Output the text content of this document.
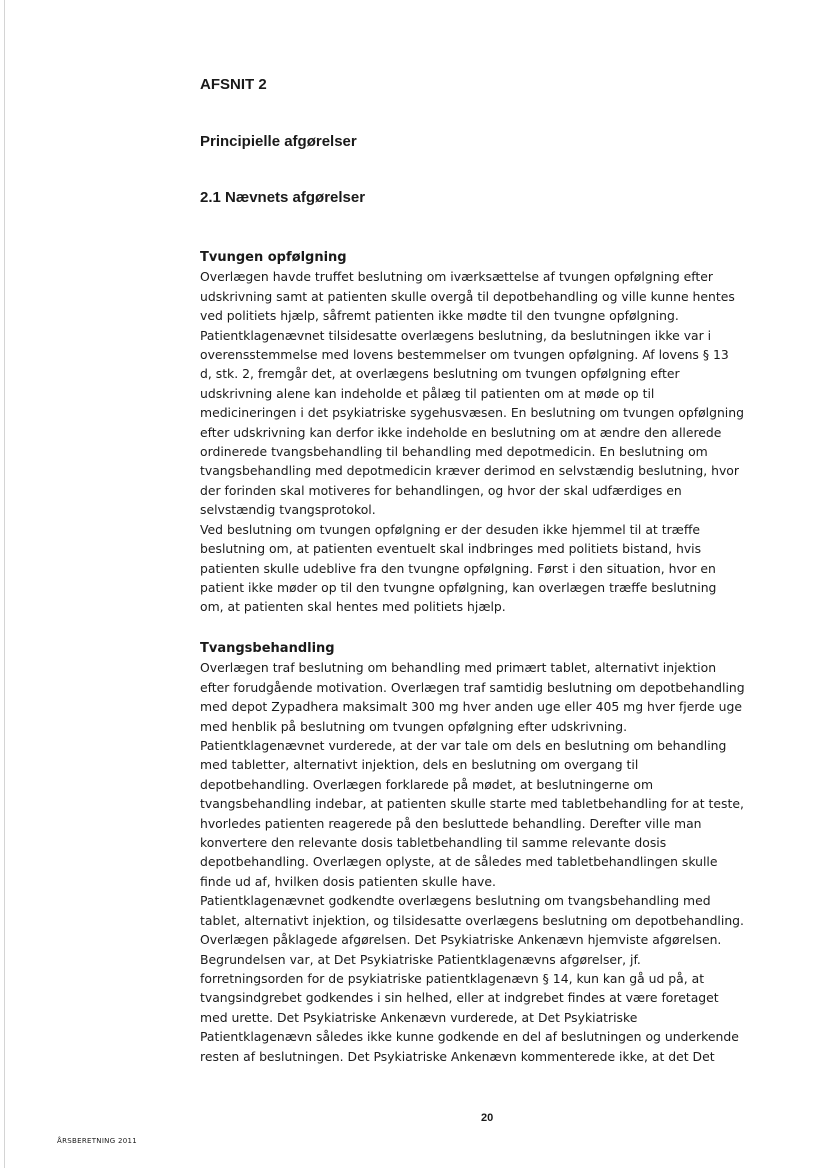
AFSNIT 2
Principielle afgørelser
2.1 Nævnets afgørelser
Tvungen opfølgning
Overlægen havde truffet beslutning om iværksættelse af tvungen opfølgning efter
udskrivning samt at patienten skulle overgå til depotbehandling og ville kunne hentes
ved politiets hjælp, såfremt patienten ikke mødte til den tvungne opfølgning.
Patientklagenævnet tilsidesatte overlægens beslutning, da beslutningen ikke var i
overensstemmelse med lovens bestemmelser om tvungen opfølgning. Af lovens § 13
d, stk. 2, fremgår det, at overlægens beslutning om tvungen opfølgning efter
udskrivning alene kan indeholde et pålæg til patienten om at møde op til
medicineringen i det psykiatriske sygehusvæsen. En beslutning om tvungen opfølgning
efter udskrivning kan derfor ikke indeholde en beslutning om at ændre den allerede
ordinerede tvangsbehandling til behandling med depotmedicin. En beslutning om
tvangsbehandling med depotmedicin kræver derimod en selvstændig beslutning, hvor
der forinden skal motiveres for behandlingen, og hvor der skal udfærdiges en
selvstændig tvangsprotokol.
Ved beslutning om tvungen opfølgning er der desuden ikke hjemmel til at træffe
beslutning om, at patienten eventuelt skal indbringes med politiets bistand, hvis
patienten skulle udeblive fra den tvungne opfølgning. Først i den situation, hvor en
patient ikke møder op til den tvungne opfølgning, kan overlægen træffe beslutning
om, at patienten skal hentes med politiets hjælp.
Tvangsbehandling
Overlægen traf beslutning om behandling med primært tablet, alternativt injektion
efter forudgående motivation. Overlægen traf samtidig beslutning om depotbehandling
med depot Zypadhera maksimalt 300 mg hver anden uge eller 405 mg hver fjerde uge
med henblik på beslutning om tvungen opfølgning efter udskrivning.
Patientklagenævnet vurderede, at der var tale om dels en beslutning om behandling
med tabletter, alternativt injektion, dels en beslutning om overgang til
depotbehandling. Overlægen forklarede på mødet, at beslutningerne om
tvangsbehandling indebar, at patienten skulle starte med tabletbehandling for at teste,
hvorledes patienten reagerede på den besluttede behandling. Derefter ville man
konvertere den relevante dosis tabletbehandling til samme relevante dosis
depotbehandling. Overlægen oplyste, at de således med tabletbehandlingen skulle
finde ud af, hvilken dosis patienten skulle have.
Patientklagenævnet godkendte overlægens beslutning om tvangsbehandling med
tablet, alternativt injektion, og tilsidesatte overlægens beslutning om depotbehandling.
Overlægen påklagede afgørelsen. Det Psykiatriske Ankenævn hjemviste afgørelsen.
Begrundelsen var, at Det Psykiatriske Patientklagenævns afgørelser, jf.
forretningsorden for de psykiatriske patientklagenævn § 14, kun kan gå ud på, at
tvangsindgrebet godkendes i sin helhed, eller at indgrebet findes at være foretaget
med urette. Det Psykiatriske Ankenævn vurderede, at Det Psykiatriske
Patientklagenævn således ikke kunne godkende en del af beslutningen og underkende
resten af beslutningen. Det Psykiatriske Ankenævn kommenterede ikke, at det Det
20
ÅRSBERETNING 2011
